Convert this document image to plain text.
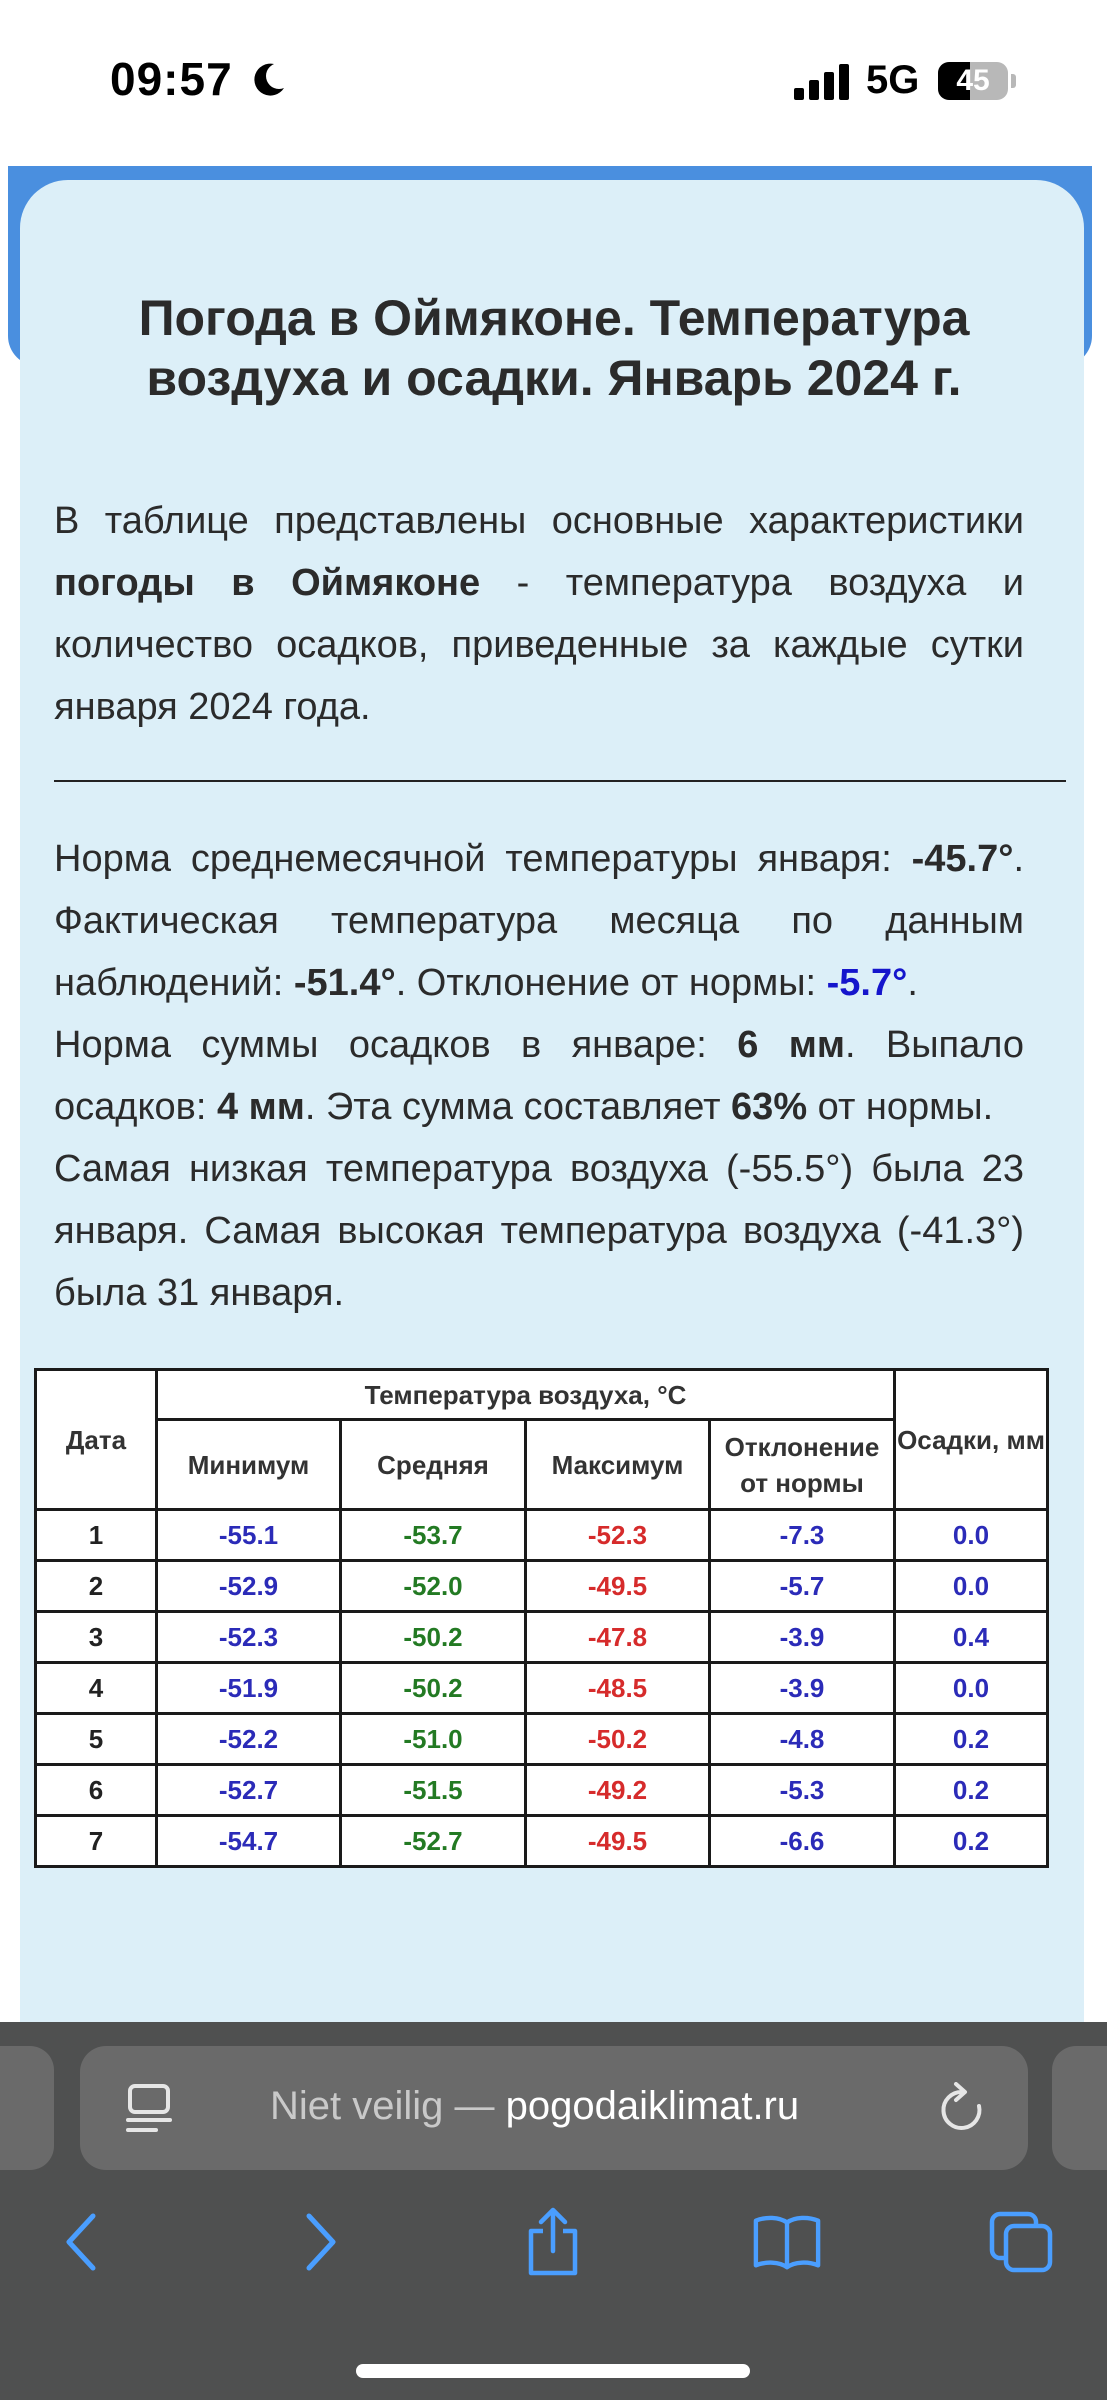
09:57	5G	45
Погода в Оймяконе. Температура воздуха и осадки. Январь 2024 г.
В таблице представлены основные характеристики погоды в Оймяконе - температура воздуха и количество осадков, приведенные за каждые сутки января 2024 года.

Норма среднемесячной температуры января: -45.7°. Фактическая температура месяца по данным наблюдений: -51.4°. Отклонение от нормы: -5.7°.

Норма суммы осадков в январе: 6 мм. Выпало осадков: 4 мм. Эта сумма составляет 63% от нормы.

Самая низкая температура воздуха (-55.5°) была 23 января. Самая высокая температура воздуха (-41.3°) была 31 января.

Дата	Температура воздуха, °C				Осадки, мм
	Минимум	Средняя	Максимум	Отклонение от нормы	
1	-55.1	-53.7	-52.3	-7.3	0.0
2	-52.9	-52.0	-49.5	-5.7	0.0
3	-52.3	-50.2	-47.8	-3.9	0.4
4	-51.9	-50.2	-48.5	-3.9	0.0
5	-52.2	-51.0	-50.2	-4.8	0.2
6	-52.7	-51.5	-49.2	-5.3	0.2
7	-54.7	-52.7	-49.5	-6.6	0.2
Niet veilig — pogodaiklimat.ru
